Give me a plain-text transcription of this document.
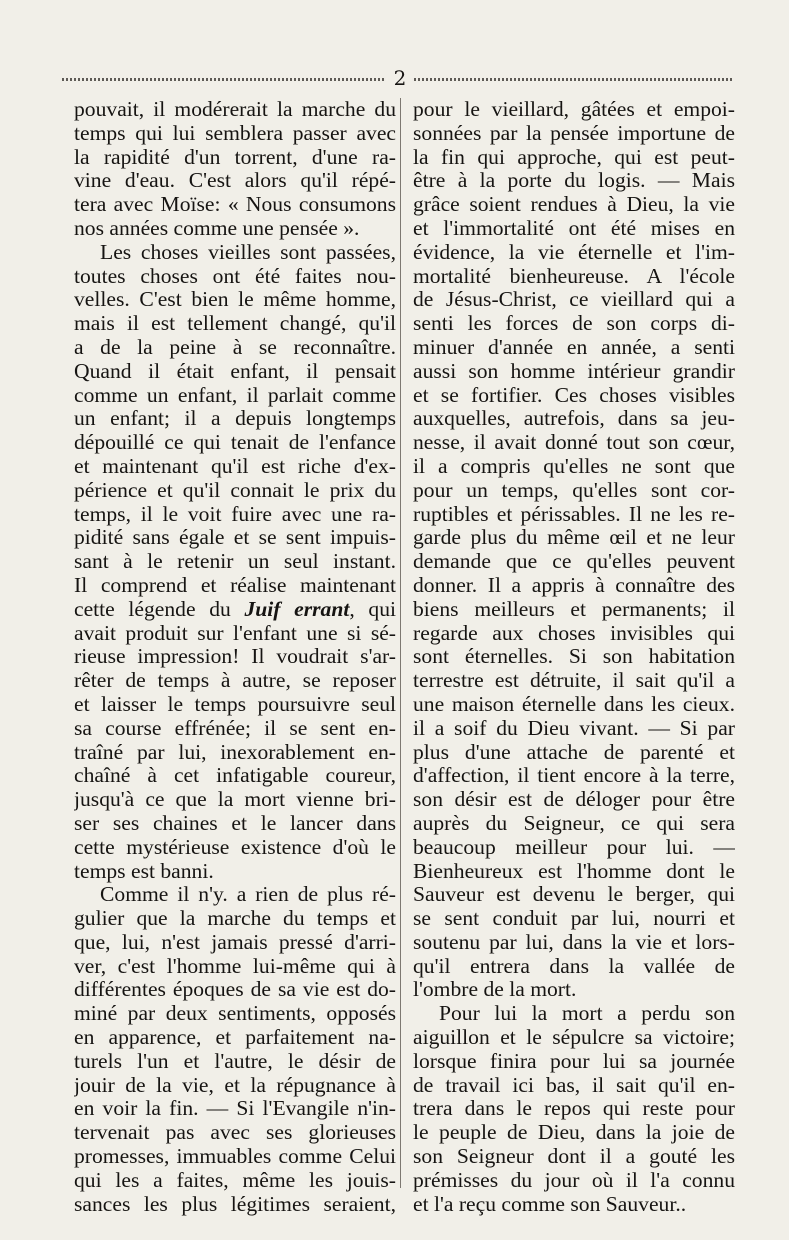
2
pouvait, il modérerait la marche du
temps qui lui semblera passer avec
la rapidité d'un torrent, d'une ra-
vine d'eau. C'est alors qu'il répé-
tera avec Moïse: « Nous consumons
nos années comme une pensée ».
Les choses vieilles sont passées,
toutes choses ont été faites nou-
velles. C'est bien le même homme,
mais il est tellement changé, qu'il
a de la peine à se reconnaître.
Quand il était enfant, il pensait
comme un enfant, il parlait comme
un enfant; il a depuis longtemps
dépouillé ce qui tenait de l'enfance
et maintenant qu'il est riche d'ex-
périence et qu'il connait le prix du
temps, il le voit fuire avec une ra-
pidité sans égale et se sent impuis-
sant à le retenir un seul instant.
Il comprend et réalise maintenant
cette légende du Juif errant, qui
avait produit sur l'enfant une si sé-
rieuse impression! Il voudrait s'ar-
rêter de temps à autre, se reposer
et laisser le temps poursuivre seul
sa course effrénée; il se sent en-
traîné par lui, inexorablement en-
chaîné à cet infatigable coureur,
jusqu'à ce que la mort vienne bri-
ser ses chaines et le lancer dans
cette mystérieuse existence d'où le
temps est banni.
Comme il n'y. a rien de plus ré-
gulier que la marche du temps et
que, lui, n'est jamais pressé d'arri-
ver, c'est l'homme lui-même qui à
différentes époques de sa vie est do-
miné par deux sentiments, opposés
en apparence, et parfaitement na-
turels l'un et l'autre, le désir de
jouir de la vie, et la répugnance à
en voir la fin. — Si l'Evangile n'in-
tervenait pas avec ses glorieuses
promesses, immuables comme Celui
qui les a faites, même les jouis-
sances les plus légitimes seraient,
pour le vieillard, gâtées et empoi-
sonnées par la pensée importune de
la fin qui approche, qui est peut-
être à la porte du logis. — Mais
grâce soient rendues à Dieu, la vie
et l'immortalité ont été mises en
évidence, la vie éternelle et l'im-
mortalité bienheureuse. A l'école
de Jésus-Christ, ce vieillard qui a
senti les forces de son corps di-
minuer d'année en année, a senti
aussi son homme intérieur grandir
et se fortifier. Ces choses visibles
auxquelles, autrefois, dans sa jeu-
nesse, il avait donné tout son cœur,
il a compris qu'elles ne sont que
pour un temps, qu'elles sont cor-
ruptibles et périssables. Il ne les re-
garde plus du même œil et ne leur
demande que ce qu'elles peuvent
donner. Il a appris à connaître des
biens meilleurs et permanents; il
regarde aux choses invisibles qui
sont éternelles. Si son habitation
terrestre est détruite, il sait qu'il a
une maison éternelle dans les cieux.
il a soif du Dieu vivant. — Si par
plus d'une attache de parenté et
d'affection, il tient encore à la terre,
son désir est de déloger pour être
auprès du Seigneur, ce qui sera
beaucoup meilleur pour lui. —
Bienheureux est l'homme dont le
Sauveur est devenu le berger, qui
se sent conduit par lui, nourri et
soutenu par lui, dans la vie et lors-
qu'il entrera dans la vallée de
l'ombre de la mort.
Pour lui la mort a perdu son
aiguillon et le sépulcre sa victoire;
lorsque finira pour lui sa journée
de travail ici bas, il sait qu'il en-
trera dans le repos qui reste pour
le peuple de Dieu, dans la joie de
son Seigneur dont il a gouté les
prémisses du jour où il l'a connu
et l'a reçu comme son Sauveur..
